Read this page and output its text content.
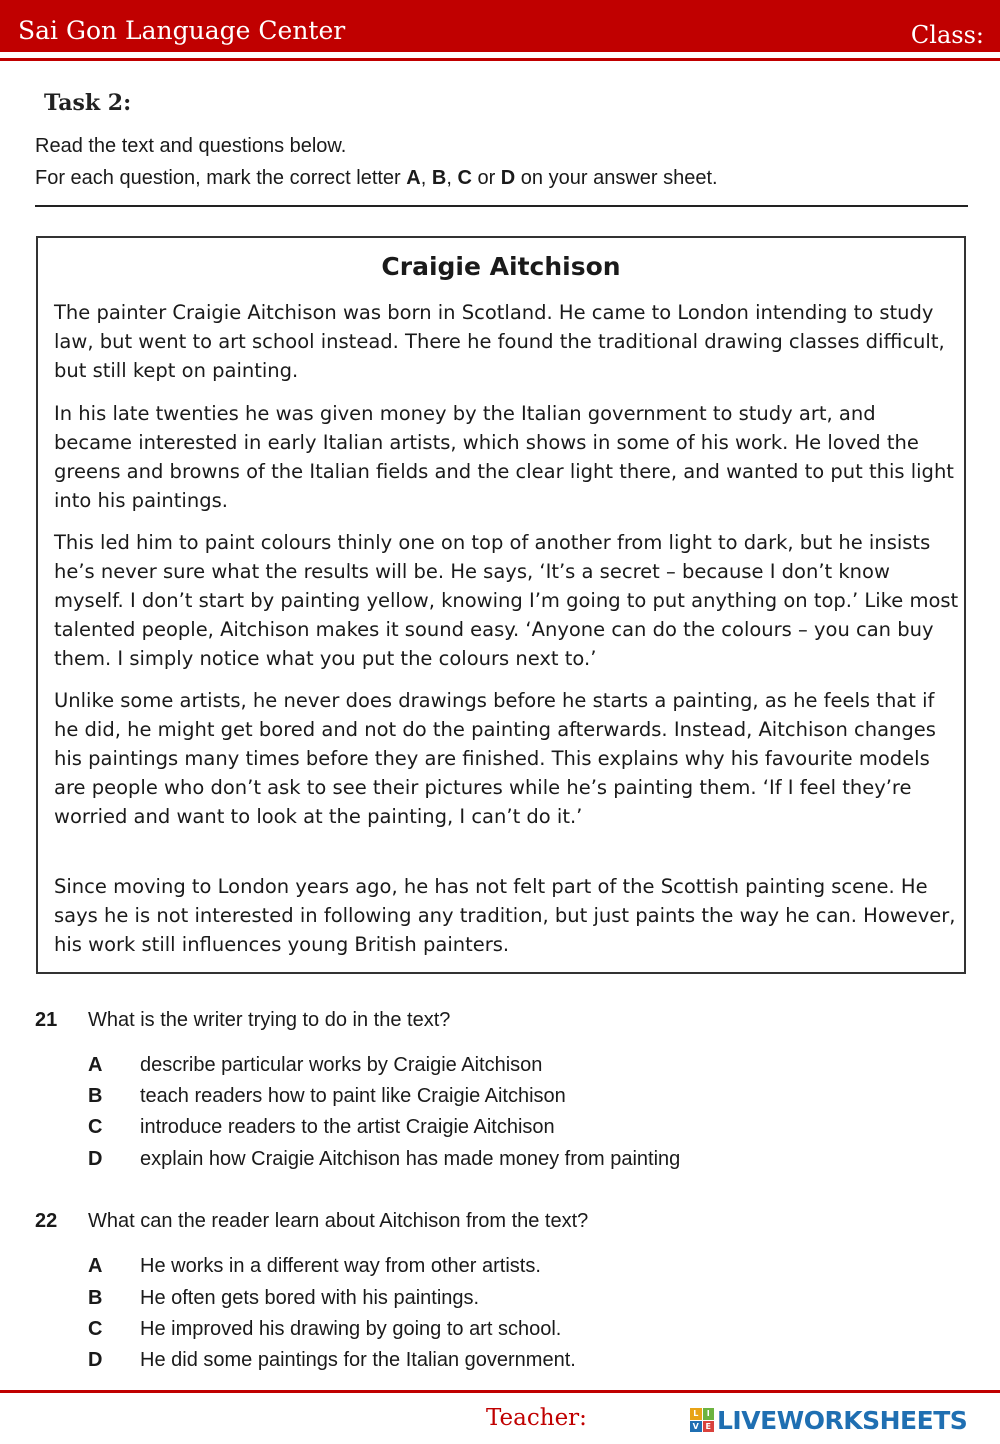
Sai Gon Language Center	Class:
Task 2:
Read the text and questions below.
For each question, mark the correct letter A, B, C or D on your answer sheet.
Craigie Aitchison

The painter Craigie Aitchison was born in Scotland. He came to London intending to study law, but went to art school instead. There he found the traditional drawing classes difficult, but still kept on painting.

In his late twenties he was given money by the Italian government to study art, and became interested in early Italian artists, which shows in some of his work. He loved the greens and browns of the Italian fields and the clear light there, and wanted to put this light into his paintings.

This led him to paint colours thinly one on top of another from light to dark, but he insists he’s never sure what the results will be. He says, ‘It’s a secret – because I don’t know myself. I don’t start by painting yellow, knowing I’m going to put anything on top.’ Like most talented people, Aitchison makes it sound easy. ‘Anyone can do the colours – you can buy them. I simply notice what you put the colours next to.’

Unlike some artists, he never does drawings before he starts a painting, as he feels that if he did, he might get bored and not do the painting afterwards. Instead, Aitchison changes his paintings many times before they are finished. This explains why his favourite models are people who don’t ask to see their pictures while he’s painting them. ‘If I feel they’re worried and want to look at the painting, I can’t do it.’

Since moving to London years ago, he has not felt part of the Scottish painting scene. He says he is not interested in following any tradition, but just paints the way he can. However, his work still influences young British painters.

21 What is the writer trying to do in the text?
A describe particular works by Craigie Aitchison
B teach readers how to paint like Craigie Aitchison
C introduce readers to the artist Craigie Aitchison
D explain how Craigie Aitchison has made money from painting
22 What can the reader learn about Aitchison from the text?
A He works in a different way from other artists.
B He often gets bored with his paintings.
C He improved his drawing by going to art school.
D He did some paintings for the Italian government.
Teacher:	L	I
V E LIVEWORKSHEETS
